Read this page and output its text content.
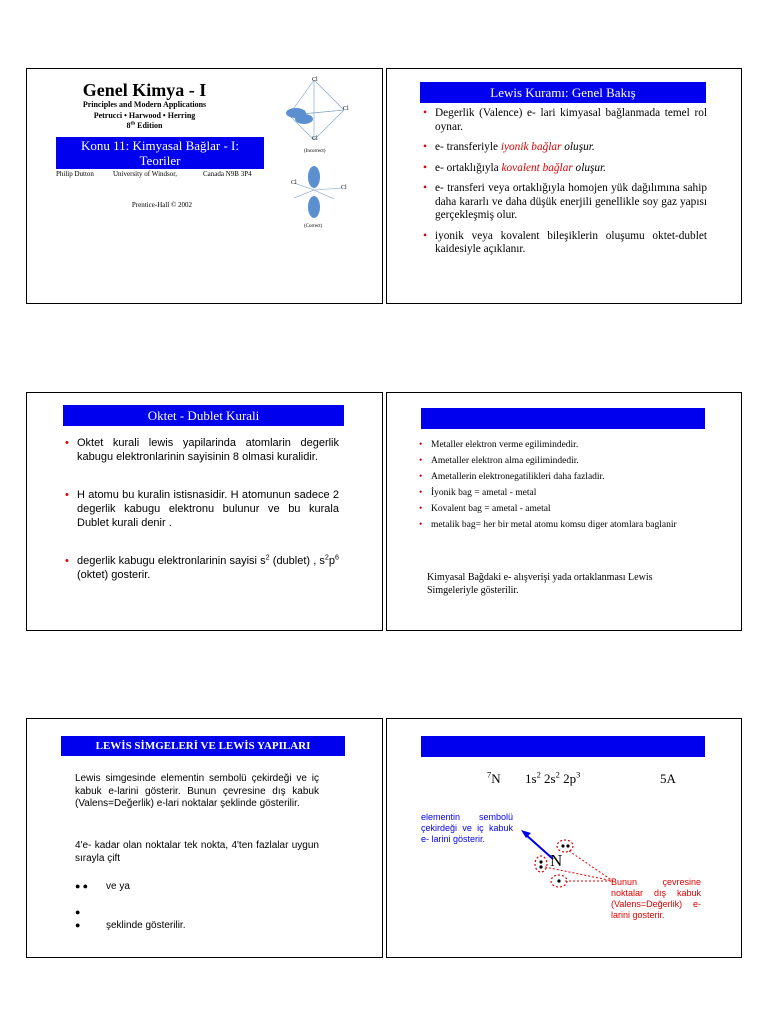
Genel Kimya - I
Principles and Modern Applications
Petrucci • Harwood • Herring
8th Edition
Konu 11: Kimyasal Bağlar - I:
Teoriler
Philip Dutton	University of Windsor,	Canada N9B 3P4
Prentice-Hall © 2002
Cl
Cl
Cl
Cl
Cl
(Incorrect)
(Correct)
Lewis Kuramı: Genel Bakış
• Degerlik (Valence) e- lari kimyasal bağlanmada temel rol oynar.
• e- transferiyle iyonik bağlar oluşur.
• e- ortaklığıyla kovalent bağlar oluşur.
• e- transferi veya ortaklığıyla homojen yük dağılımına sahip daha kararlı ve daha düşük enerjili genellikle soy gaz yapısı gerçekleşmiş olur.
• iyonik veya kovalent bileşiklerin oluşumu oktet-dublet kaidesiyle açıklanır.
Oktet - Dublet Kurali
• Oktet kurali lewis yapilarinda atomlarin degerlik kabugu elektronlarinin sayisinin 8 olmasi kuralidir.
• H atomu bu kuralin istisnasidir. H atomunun sadece 2 degerlik kabugu elektronu bulunur ve bu kurala Dublet kurali denir .
• degerlik kabugu elektronlarinin sayisi $s^2$ (dublet) , $s^2p^6$ (oktet) gosterir.
• Metaller elektron verme egilimindedir.
• Ametaller elektron alma egilimindedir.
• Ametallerin elektronegatilikleri daha fazladir.
• İyonik bag = ametal - metal
• Kovalent bag = ametal - ametal
• metalik bag= her bir metal atomu komsu diger atomlara baglanir
Kimyasal Bağdaki e- alışverişi yada ortaklanması Lewis Simgeleriyle gösterilir.
LEWİS SİMGELERİ VE LEWİS YAPILARI
Lewis simgesinde elementin sembolü çekirdeği ve iç kabuk e-larini gösterir. Bunun çevresine dış kabuk (Valens=Değerlik) e-lari noktalar şeklinde gösterilir.
4'e- kadar olan noktalar tek nokta, 4'ten fazlalar uygun sırayla çift
● ● ve ya
●
●	şeklinde gösterilir.
$^7$N $1s^2$ $2s^2$ $2p^3$	5A
elementin sembolü çekirdeği ve iç kabuk e- larini gösterir.
Bunun çevresine noktalar dış kabuk (Valens=Değerlik) e-larini gosterir.
N
